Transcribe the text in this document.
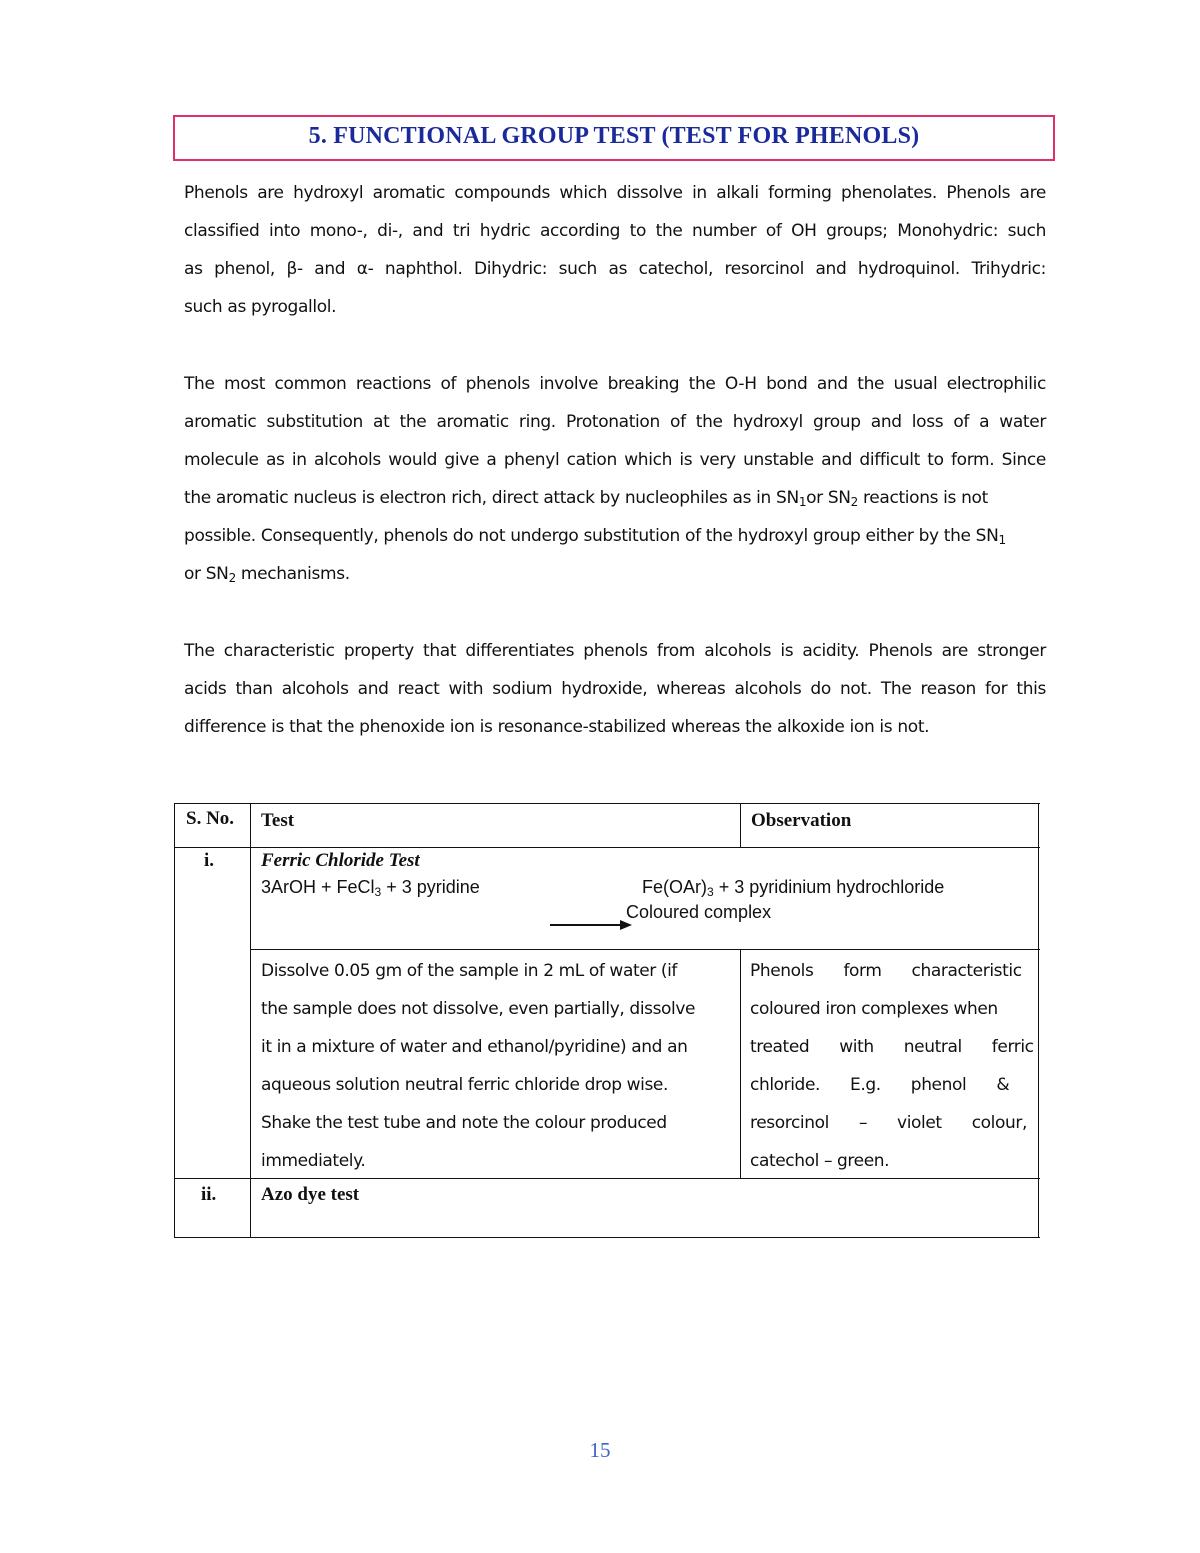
5. FUNCTIONAL GROUP TEST (TEST FOR PHENOLS)
Phenols are hydroxyl aromatic compounds which dissolve in alkali forming phenolates. Phenols are
classified into mono-, di-, and tri hydric according to the number of OH groups; Monohydric: such
as phenol, β- and α- naphthol. Dihydric: such as catechol, resorcinol and hydroquinol. Trihydric:
such as pyrogallol.
The most common reactions of phenols involve breaking the O-H bond and the usual electrophilic
aromatic substitution at the aromatic ring. Protonation of the hydroxyl group and loss of a water
molecule as in alcohols would give a phenyl cation which is very unstable and difficult to form. Since
the aromatic nucleus is electron rich, direct attack by nucleophiles as in $SN_1or$ $SN_2$ reactions is not
possible. Consequently, phenols do not undergo substitution of the hydroxyl group either by the $SN_1$
or $SN_2$ mechanisms.
The characteristic property that differentiates phenols from alcohols is acidity. Phenols are stronger
acids than alcohols and react with sodium hydroxide, whereas alcohols do not. The reason for this
difference is that the phenoxide ion is resonance-stabilized whereas the alkoxide ion is not.
S. No. Test	Observation
i. Ferric Chloride Test
3ArOH + FeCl$_3$ + 3 pyridine	$Fe(OAr)_3 + 3$ pyridinium hydrochloride
Coloured complex
Dissolve 0.05 gm of the sample in 2 mL of water (if
the sample does not dissolve, even partially, dissolve
it in a mixture of water and ethanol/pyridine) and an
aqueous solution neutral ferric chloride drop wise.
Shake the test tube and note the colour produced
immediately.
Phenols      form      characteristic
coloured iron complexes when
treated      with      neutral      ferric
chloride.      E.g.      phenol      &
resorcinol      –      violet      colour,
catechol – green.
ii. Azo dye test
15
